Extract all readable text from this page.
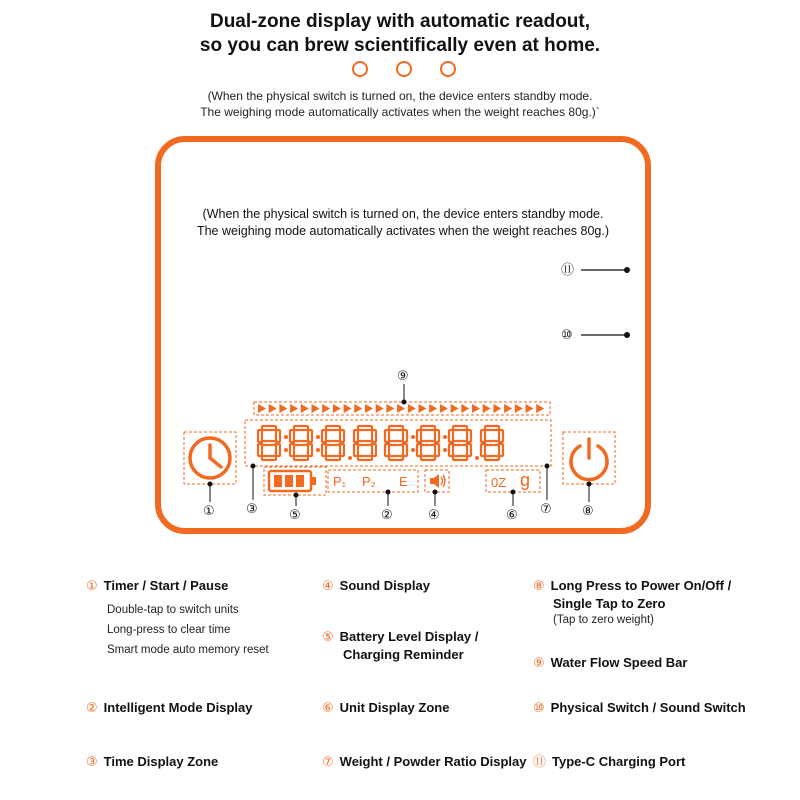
Dual-zone display with automatic readout,
so you can brew scientifically even at home.
(When the physical switch is turned on, the device enters standby mode.
The weighing mode automatically activates when the weight reaches 80g.)`
(When the physical switch is turned on, the device enters standby mode.
The weighing mode automatically activates when the weight reaches 80g.)
P₁ P₂ E	0Z g
⑪
⑩
⑨
① ③ ⑤	②	④	⑥ ⑦ ⑧
① Timer / Start / Pause
Double-tap to switch units
Long-press to clear time
Smart mode auto memory reset
② Intelligent Mode Display
③ Time Display Zone
④ Sound Display
⑤ Battery Level Display /
Charging Reminder
⑥ Unit Display Zone
⑦ Weight / Powder Ratio Display
⑧ Long Press to Power On/Off /
Single Tap to Zero
(Tap to zero weight)
⑨ Water Flow Speed Bar
⑩ Physical Switch / Sound Switch
⑪ Type-C Charging Port
